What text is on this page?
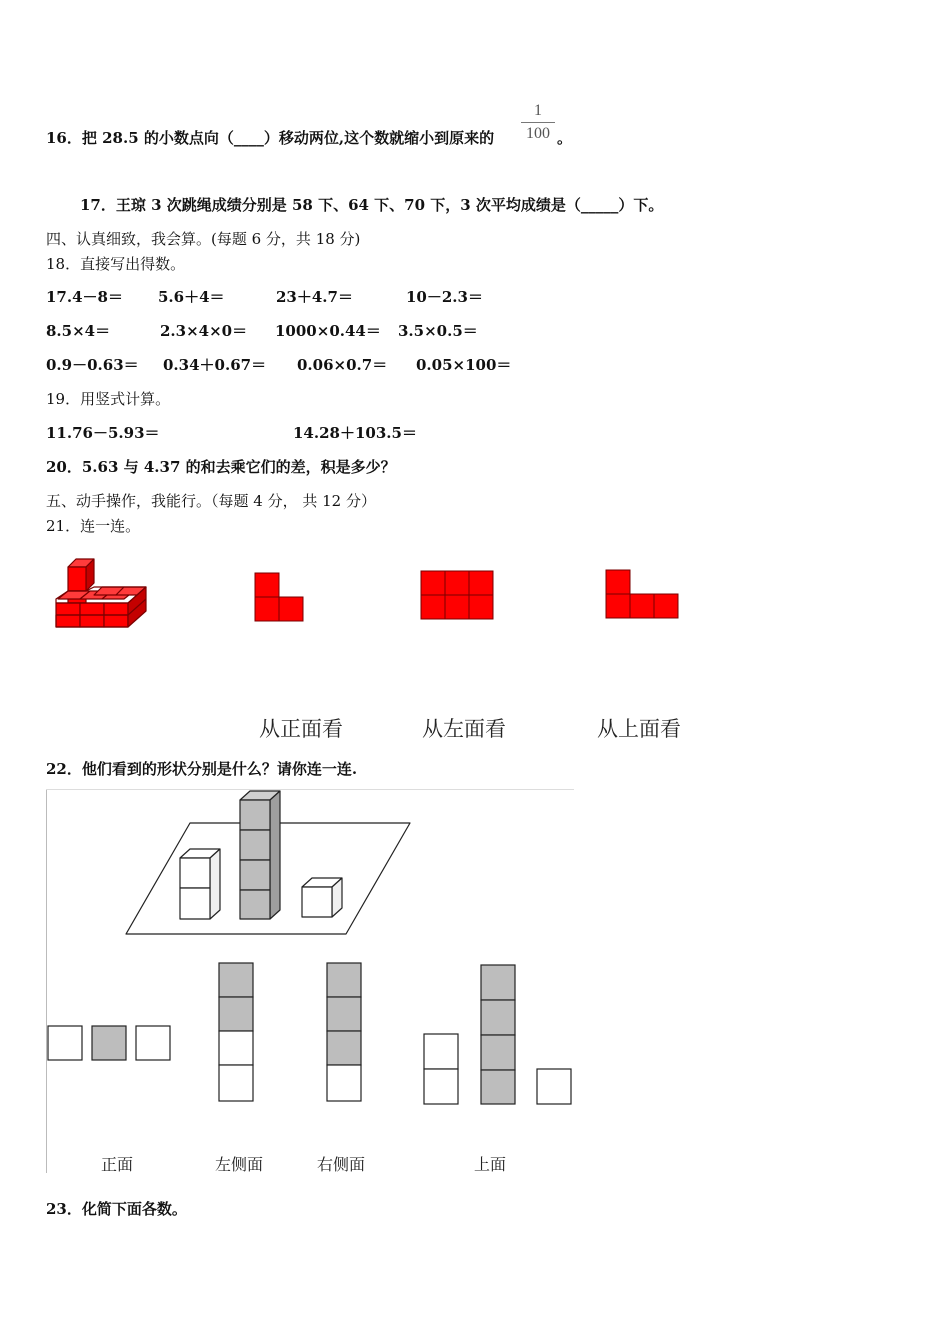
16．把 28.5 的小数点向（____）移动两位,这个数就缩小到原来的
1
100 。
17．王琼 3 次跳绳成绩分别是 58 下、64 下、70 下，3 次平均成绩是（_____）下。
四、认真细致，我会算。(每题 6 分，共 18 分)
18．直接写出得数。
17.4－8＝ 5.6＋4＝	23＋4.7＝	10－2.3＝
8.5×4＝	2.3×4×0＝ 1000×0.44＝ 3.5×0.5＝
0.9－0.63＝ 0.34＋0.67＝ 0.06×0.7＝ 0.05×100＝
19．用竖式计算。
11.76－5.93＝	14.28＋103.5＝
20．5.63 与 4.37 的和去乘它们的差，积是多少？
五、动手操作，我能行。（每题 4 分， 共 12 分）
21．连一连。
从正面看	从左面看	从上面看
22．他们看到的形状分别是什么？请你连一连.
正面	左侧面	右侧面	上面
23．化简下面各数。
